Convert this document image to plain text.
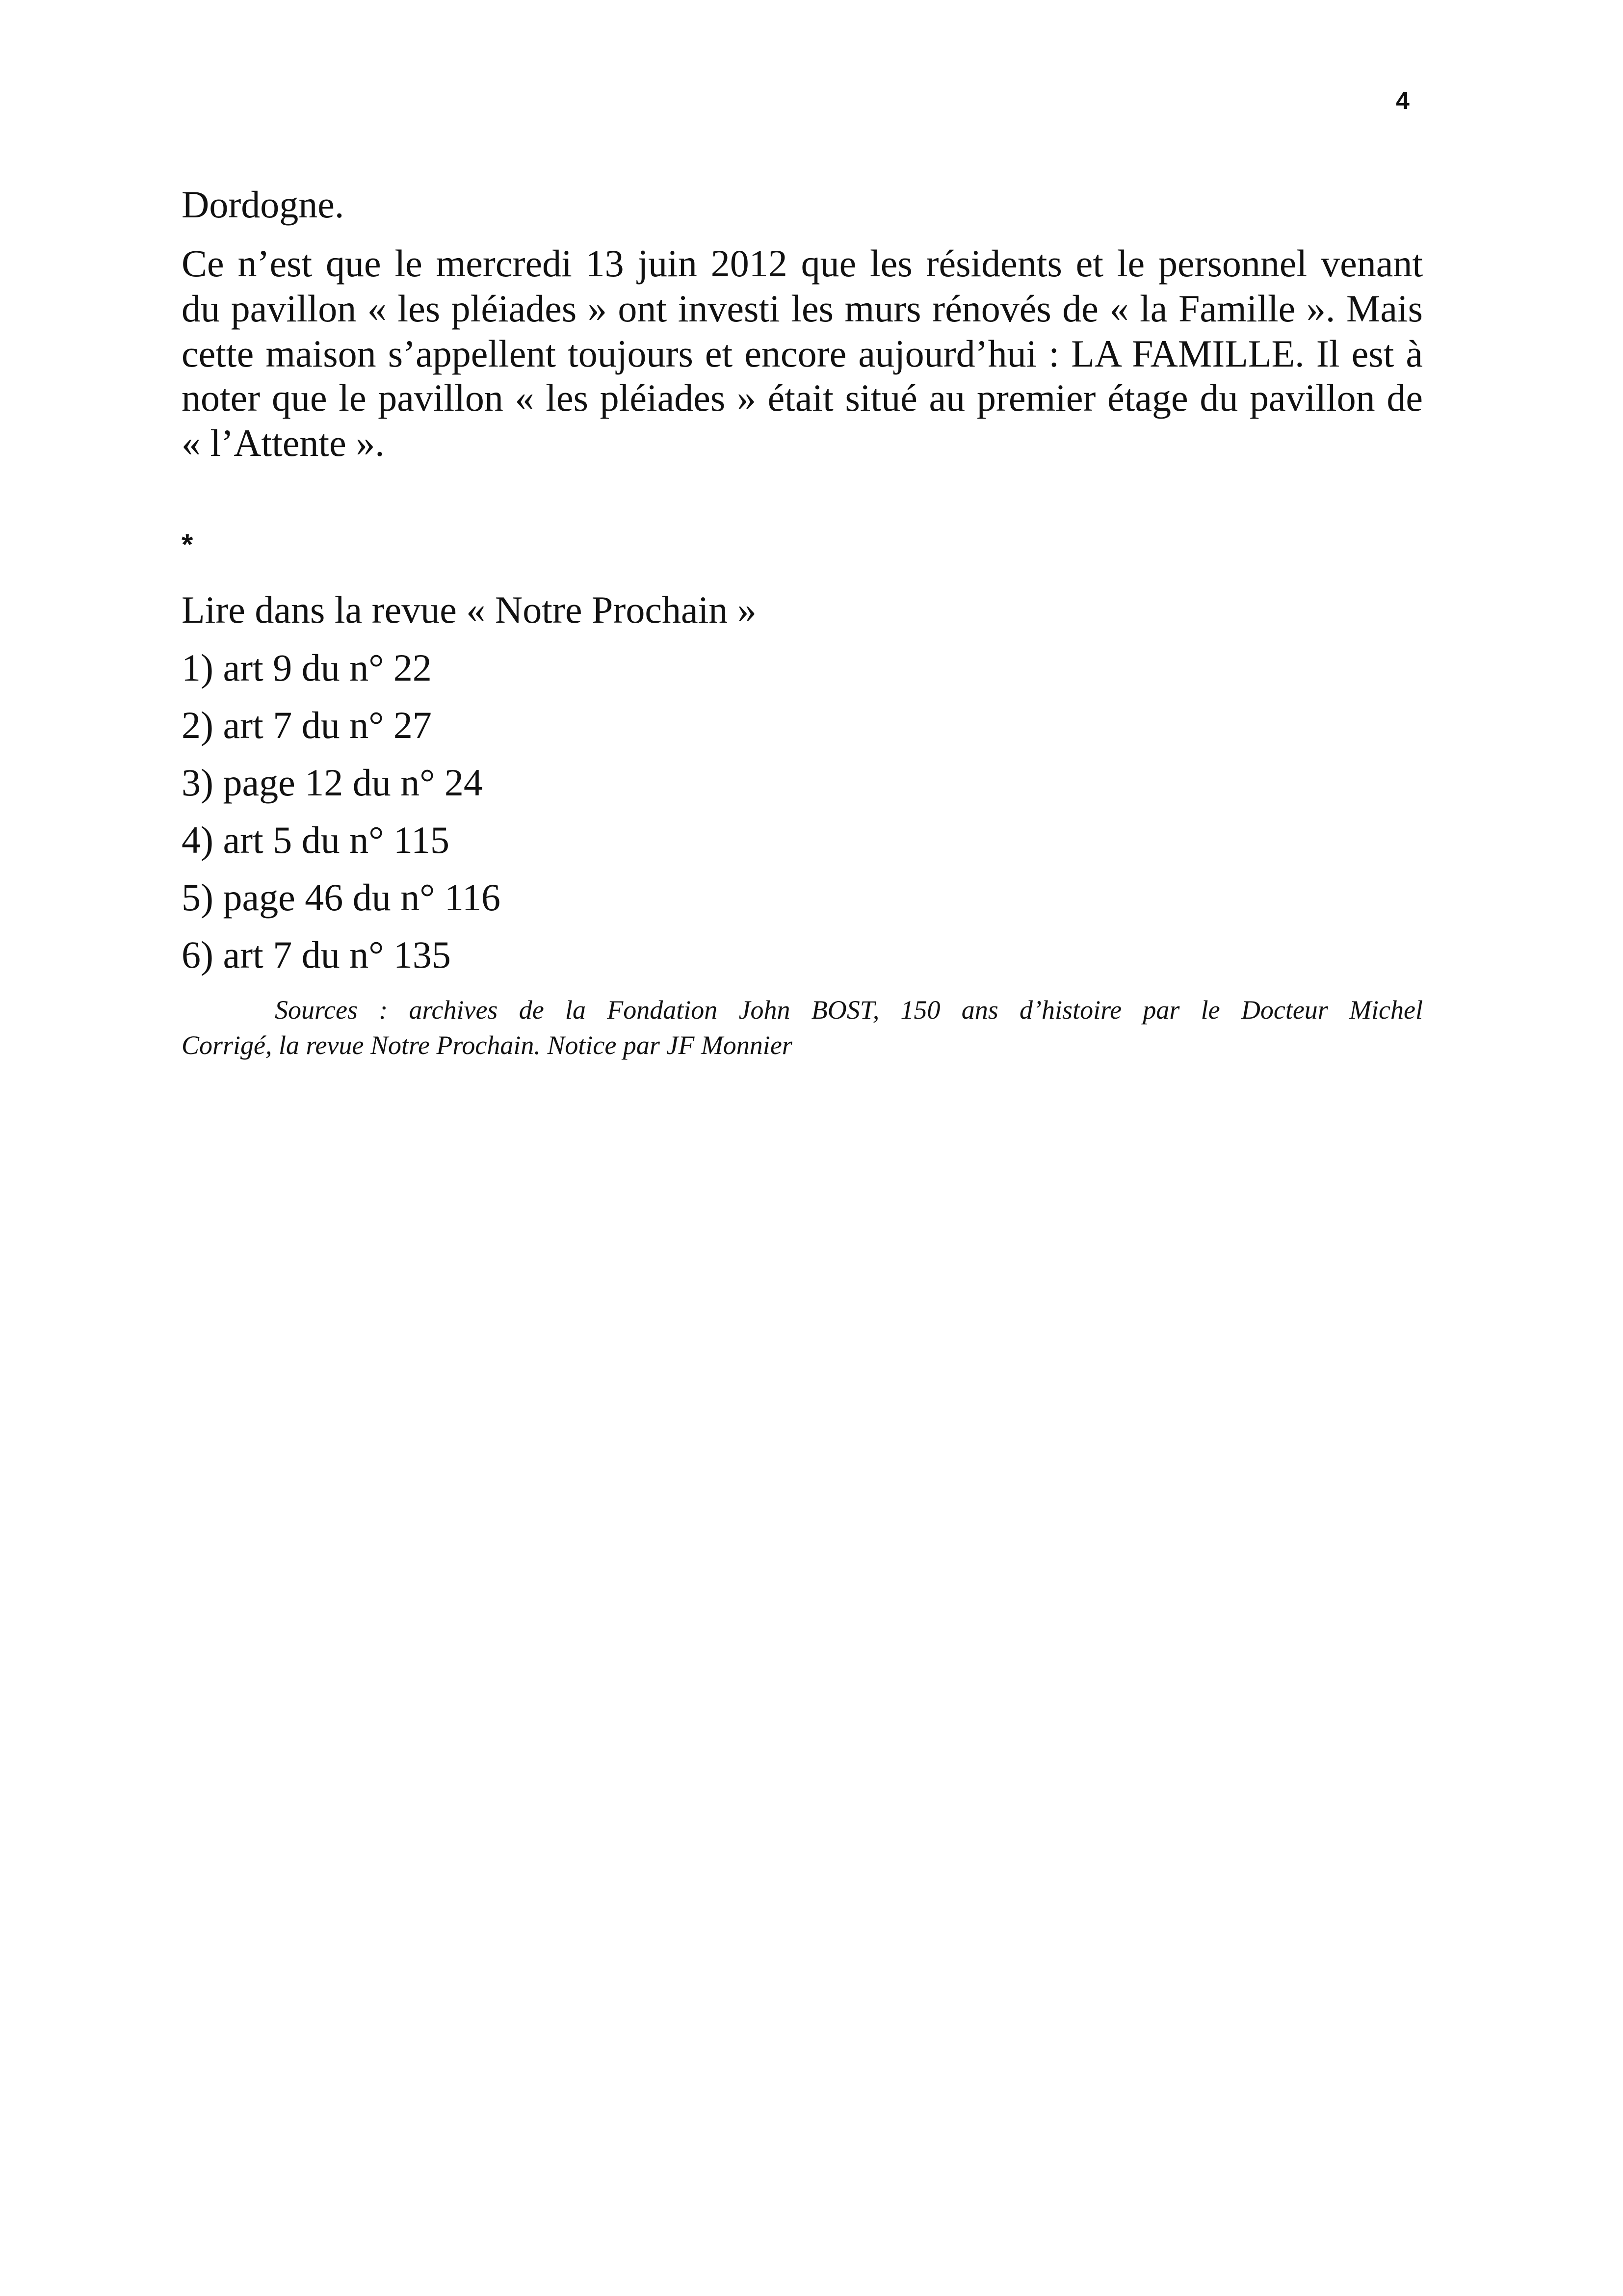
4
Dordogne.
Ce n’est que le mercredi 13 juin 2012 que les résidents et le personnel venant
du pavillon « les pléiades » ont investi les murs rénovés de « la Famille ». Mais
cette maison s’appellent toujours et encore aujourd’hui : LA FAMILLE. Il est à
noter que le pavillon « les pléiades » était situé au premier étage du pavillon de
« l’Attente ».
*
Lire dans la revue « Notre Prochain »
1) art 9 du n° 22
2) art 7 du n° 27
3) page 12 du n° 24
4) art 5 du n° 115
5) page 46 du n° 116
6) art 7 du n° 135
Sources : archives de la Fondation John BOST, 150 ans d’histoire par le Docteur Michel
Corrigé, la revue Notre Prochain. Notice par JF Monnier
